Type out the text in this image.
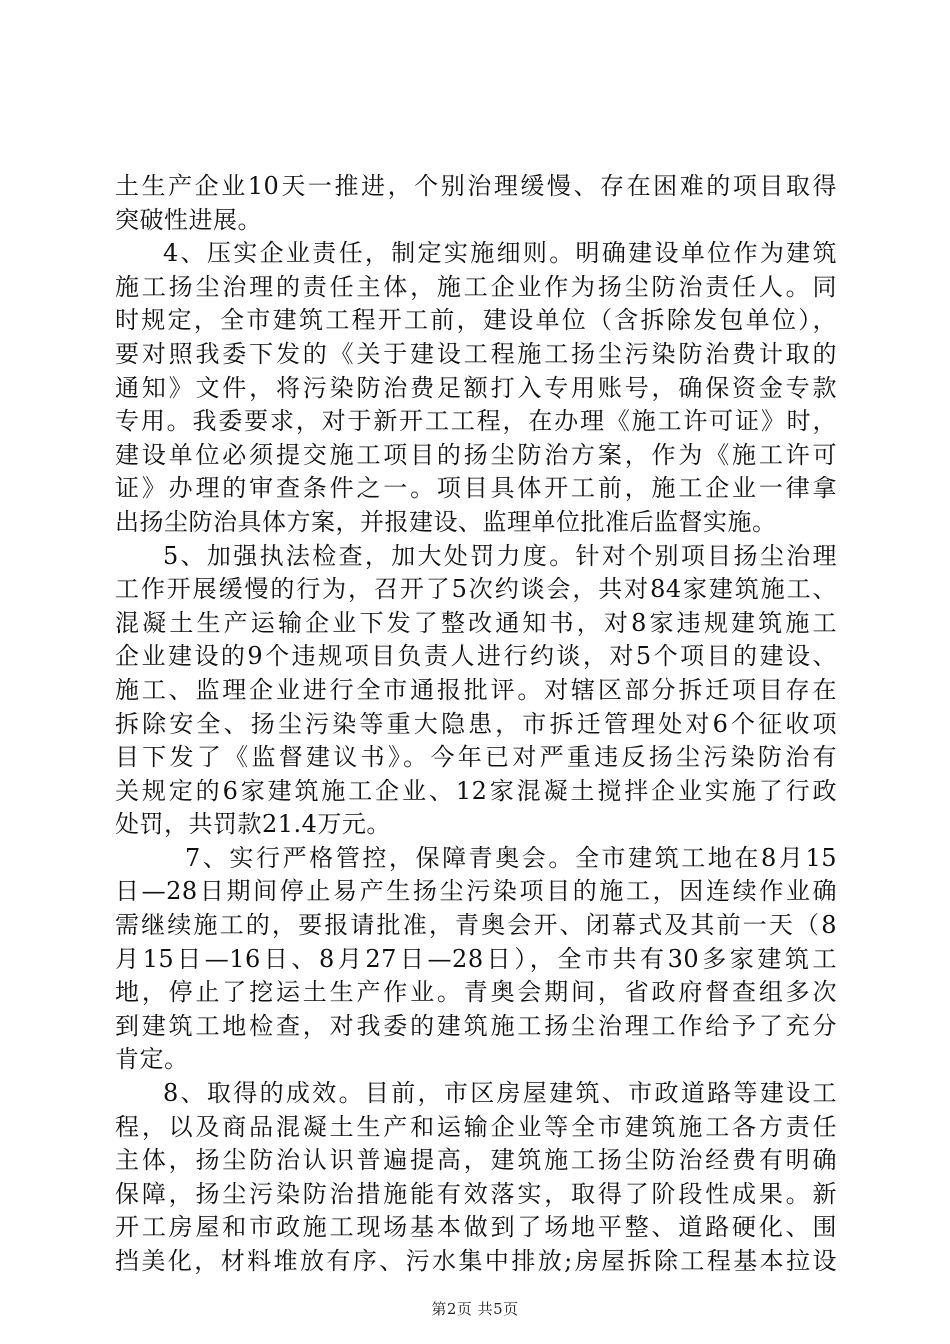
土生产企业10天一推进，个别治理缓慢、存在困难的项目取得
突破性进展。
4、压实企业责任，制定实施细则。明确建设单位作为建筑
施工扬尘治理的责任主体，施工企业作为扬尘防治责任人。同
时规定，全市建筑工程开工前，建设单位（含拆除发包单位），
要对照我委下发的《关于建设工程施工扬尘污染防治费计取的
通知》文件，将污染防治费足额打入专用账号，确保资金专款
专用。我委要求，对于新开工工程，在办理《施工许可证》时，
建设单位必须提交施工项目的扬尘防治方案，作为《施工许可
证》办理的审查条件之一。项目具体开工前，施工企业一律拿
出扬尘防治具体方案，并报建设、监理单位批准后监督实施。
5、加强执法检查，加大处罚力度。针对个别项目扬尘治理
工作开展缓慢的行为，召开了5次约谈会，共对84家建筑施工、
混凝土生产运输企业下发了整改通知书，对8家违规建筑施工
企业建设的9个违规项目负责人进行约谈，对5个项目的建设、
施工、监理企业进行全市通报批评。对辖区部分拆迁项目存在
拆除安全、扬尘污染等重大隐患，市拆迁管理处对6个征收项
目下发了《监督建议书》。今年已对严重违反扬尘污染防治有
关规定的6家建筑施工企业、12家混凝土搅拌企业实施了行政
处罚，共罚款21.4万元。
7、实行严格管控，保障青奥会。全市建筑工地在8月15
日—28日期间停止易产生扬尘污染项目的施工，因连续作业确
需继续施工的，要报请批准，青奥会开、闭幕式及其前一天（8
月15日—16日、8月27日—28日），全市共有30多家建筑工
地，停止了挖运土生产作业。青奥会期间，省政府督查组多次
到建筑工地检查，对我委的建筑施工扬尘治理工作给予了充分
肯定。
8、取得的成效。目前，市区房屋建筑、市政道路等建设工
程，以及商品混凝土生产和运输企业等全市建筑施工各方责任
主体，扬尘防治认识普遍提高，建筑施工扬尘防治经费有明确
保障，扬尘污染防治措施能有效落实，取得了阶段性成果。新
开工房屋和市政施工现场基本做到了场地平整、道路硬化、围
挡美化，材料堆放有序、污水集中排放;房屋拆除工程基本拉设
第2页 共5页
